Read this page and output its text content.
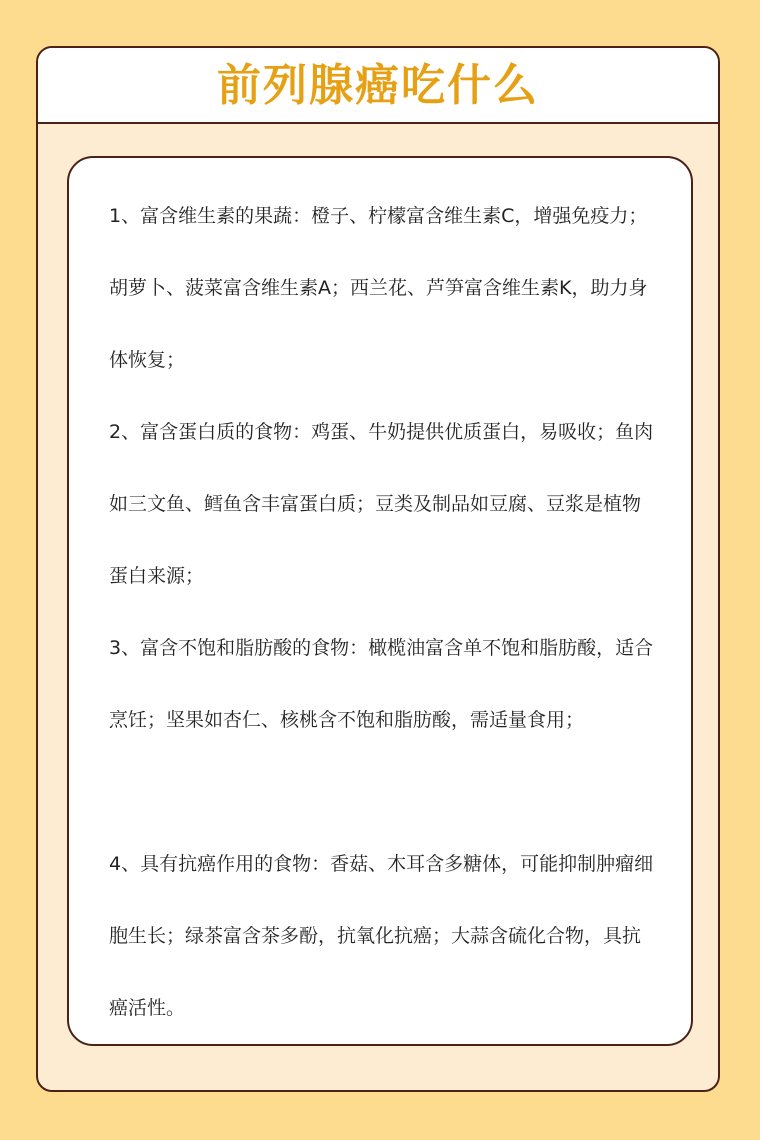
前列腺癌吃什么

1、富含维生素的果蔬：橙子、柠檬富含维生素C，增强免疫力；胡萝卜、菠菜富含维生素A；西兰花、芦笋富含维生素K，助力身体恢复；

2、富含蛋白质的食物：鸡蛋、牛奶提供优质蛋白，易吸收；鱼肉如三文鱼、鳕鱼含丰富蛋白质；豆类及制品如豆腐、豆浆是植物蛋白来源；

3、富含不饱和脂肪酸的食物：橄榄油富含单不饱和脂肪酸，适合烹饪；坚果如杏仁、核桃含不饱和脂肪酸，需适量食用；

4、具有抗癌作用的食物：香菇、木耳含多糖体，可能抑制肿瘤细胞生长；绿茶富含茶多酚，抗氧化抗癌；大蒜含硫化合物，具抗癌活性。
